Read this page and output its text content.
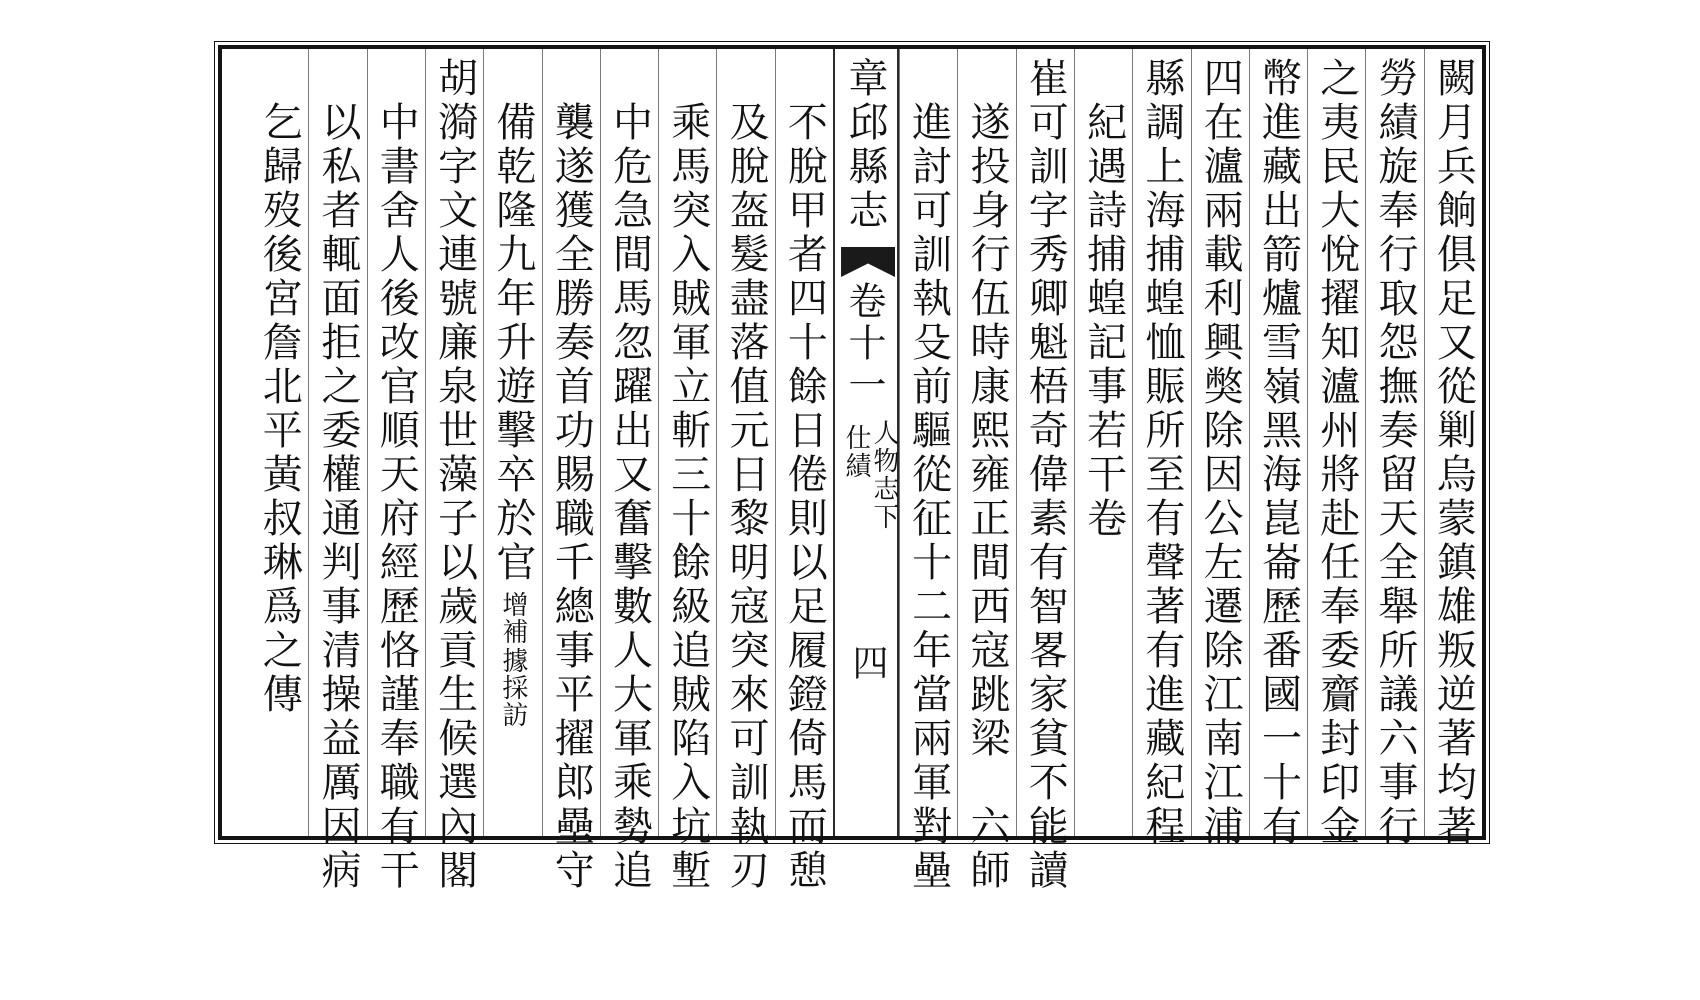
闕月兵餉俱足又從剿烏蒙鎮雄叛逆著均著
勞績旋奉行取怨撫奏留天全舉所議六事行
之夷民大悅擢知瀘州將赴任奉委齎封印金
幣進藏出箭爐雪嶺黑海崑崙歷番國一十有
四在瀘兩載利興獘除因公左遷除江南江浦
縣調上海捕蝗恤賑所至有聲著有進藏紀程
紀遇詩捕蝗記事若干卷
崔可訓字秀卿魁梧奇偉素有智畧家貧不能讀
遂投身行伍時康熙雍正間西寇跳梁　六師
進討可訓執殳前驅從征十二年當兩軍對壘
章邱縣志
卷十一
人物志下
仕績
四
不脫甲者四十餘日倦則以足履鐙倚馬而憩
及脫盔髮盡落值元日黎明寇突來可訓執刃
乘馬突入賊軍立斬三十餘級追賊陷入坑塹
中危急間馬忽躍出又奮擊數人大軍乘勢追
襲遂獲全勝奏首功賜職千總事平擢郎壘守
備乾隆九年升遊擊卒於官
據採訪
增補
胡漪字文連號廉泉世藻子以歲貢生候選內閣
中書舍人後改官順天府經歷恪謹奉職有干
以私者輒面拒之委權通判事清操益厲因病
乞歸歿後宮詹北平黃叔琳爲之傳
